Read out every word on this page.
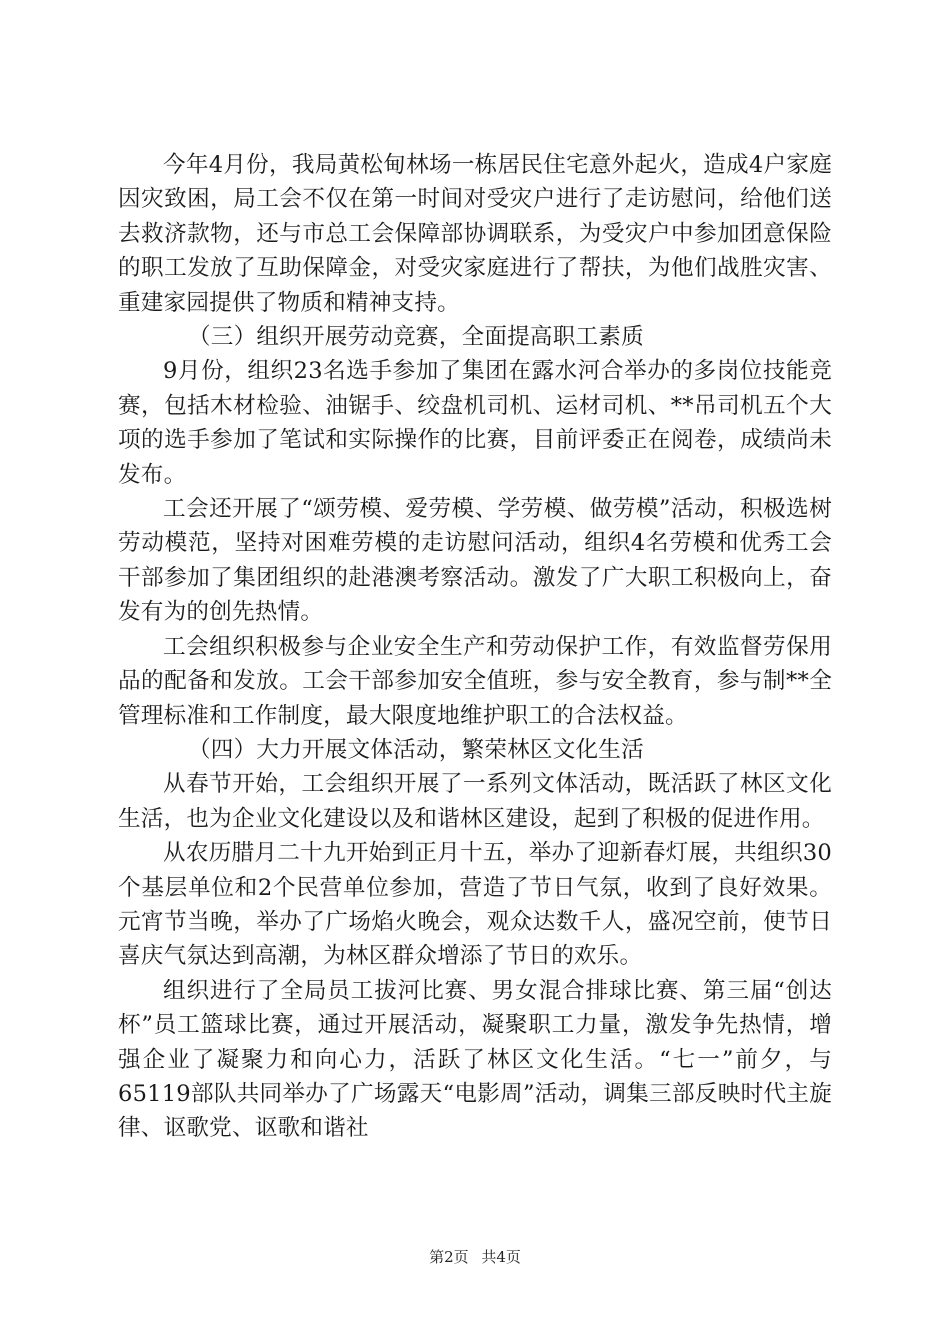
今年4月份，我局黄松甸林场一栋居民住宅意外起火，造成4户家庭因灾致困，局工会不仅在第一时间对受灾户进行了走访慰问，给他们送去救济款物，还与市总工会保障部协调联系，为受灾户中参加团意保险的职工发放了互助保障金，对受灾家庭进行了帮扶，为他们战胜灾害、重建家园提供了物质和精神支持。

（三）组织开展劳动竞赛，全面提高职工素质

9月份，组织23名选手参加了集团在露水河合举办的多岗位技能竞赛，包括木材检验、油锯手、绞盘机司机、运材司机、**吊司机五个大项的选手参加了笔试和实际操作的比赛，目前评委正在阅卷，成绩尚未发布。

工会还开展了“颂劳模、爱劳模、学劳模、做劳模”活动，积极选树劳动模范，坚持对困难劳模的走访慰问活动，组织4名劳模和优秀工会干部参加了集团组织的赴港澳考察活动。激发了广大职工积极向上，奋发有为的创先热情。

工会组织积极参与企业安全生产和劳动保护工作，有效监督劳保用品的配备和发放。工会干部参加安全值班，参与安全教育，参与制**全管理标准和工作制度，最大限度地维护职工的合法权益。

（四）大力开展文体活动，繁荣林区文化生活

从春节开始，工会组织开展了一系列文体活动，既活跃了林区文化生活，也为企业文化建设以及和谐林区建设，起到了积极的促进作用。

从农历腊月二十九开始到正月十五，举办了迎新春灯展，共组织30个基层单位和2个民营单位参加，营造了节日气氛，收到了良好效果。元宵节当晚，举办了广场焰火晚会，观众达数千人，盛况空前，使节日喜庆气氛达到高潮，为林区群众增添了节日的欢乐。

组织进行了全局员工拔河比赛、男女混合排球比赛、第三届“创达杯”员工篮球比赛，通过开展活动，凝聚职工力量，激发争先热情，增强企业了凝聚力和向心力，活跃了林区文化生活。“七一”前夕，与65119部队共同举办了广场露天“电影周”活动，调集三部反映时代主旋律、讴歌党、讴歌和谐社

第2页 共4页
